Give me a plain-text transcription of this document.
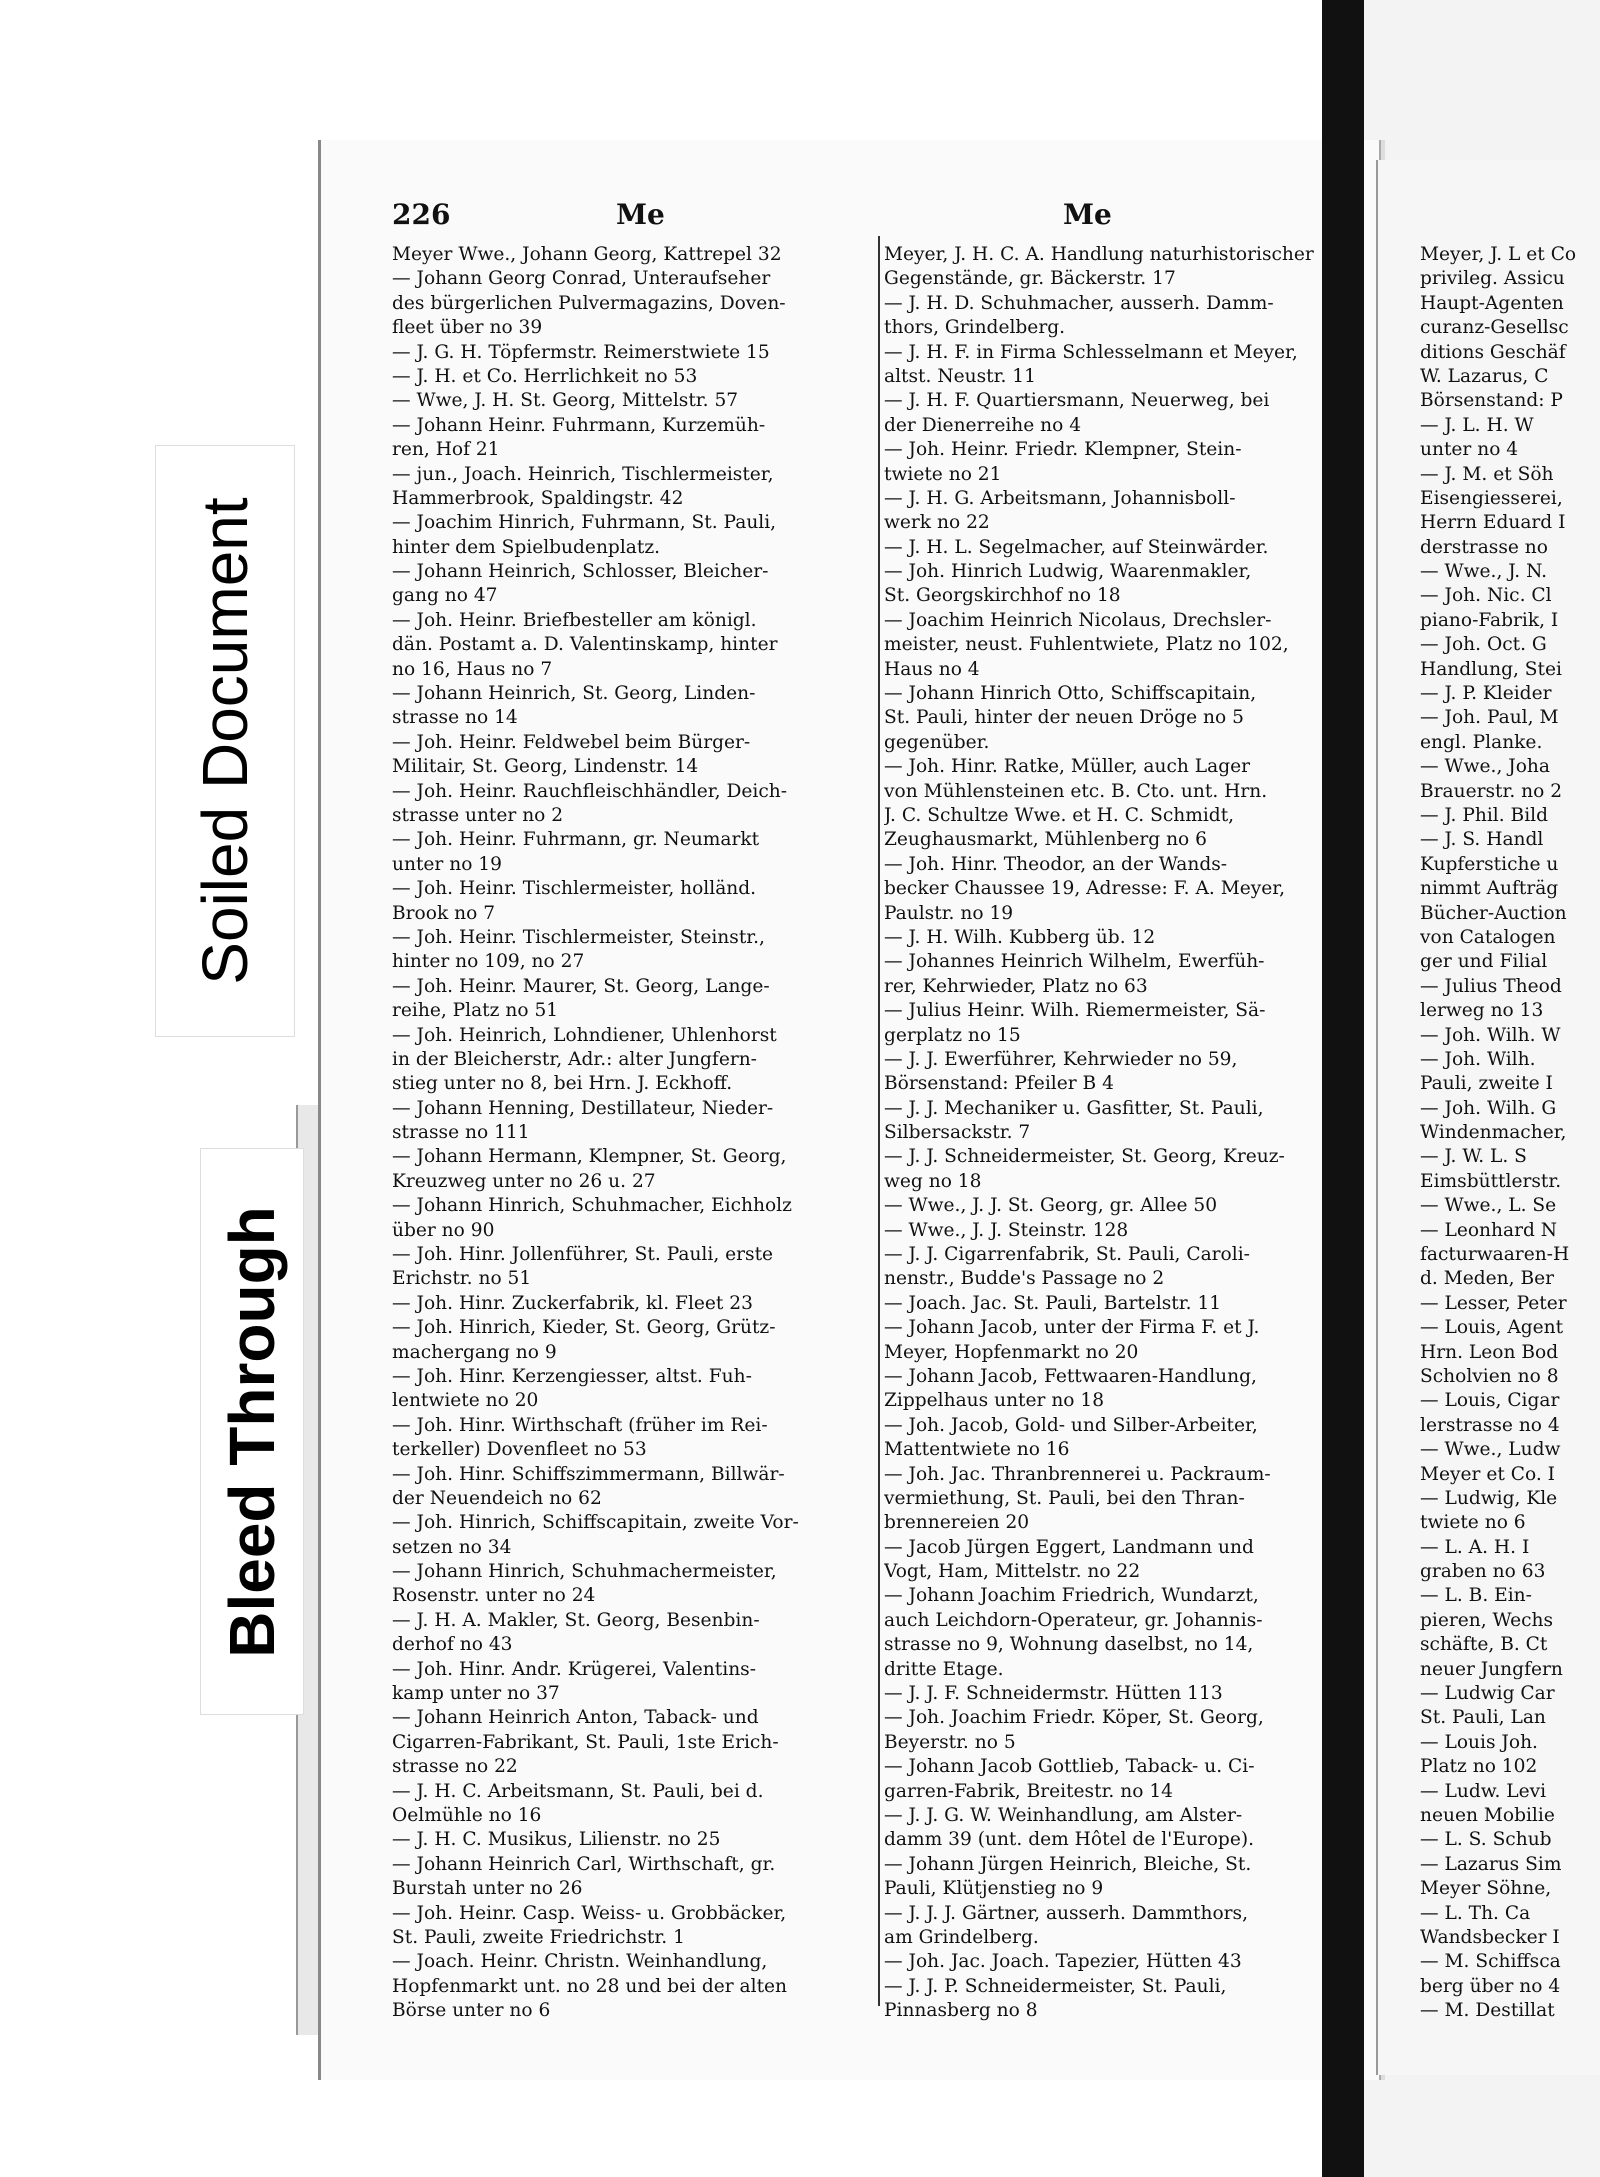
Soiled Document
Bleed Through
226	Me	Me
Meyer Wwe., Johann Georg, Kattrepel 32
— Johann Georg Conrad, Unteraufseher
des bürgerlichen Pulvermagazins, Doven-
fleet über no 39
— J. G. H. Töpfermstr. Reimerstwiete 15
— J. H. et Co. Herrlichkeit no 53
— Wwe, J. H. St. Georg, Mittelstr. 57
— Johann Heinr. Fuhrmann, Kurzemüh-
ren, Hof 21
— jun., Joach. Heinrich, Tischlermeister,
Hammerbrook, Spaldingstr. 42
— Joachim Hinrich, Fuhrmann, St. Pauli,
hinter dem Spielbudenplatz.
— Johann Heinrich, Schlosser, Bleicher-
gang no 47
— Joh. Heinr. Briefbesteller am königl.
dän. Postamt a. D. Valentinskamp, hinter
no 16, Haus no 7
— Johann Heinrich, St. Georg, Linden-
strasse no 14
— Joh. Heinr. Feldwebel beim Bürger-
Militair, St. Georg, Lindenstr. 14
— Joh. Heinr. Rauchfleischhändler, Deich-
strasse unter no 2
— Joh. Heinr. Fuhrmann, gr. Neumarkt
unter no 19
— Joh. Heinr. Tischlermeister, holländ.
Brook no 7
— Joh. Heinr. Tischlermeister, Steinstr.,
hinter no 109, no 27
— Joh. Heinr. Maurer, St. Georg, Lange-
reihe, Platz no 51
— Joh. Heinrich, Lohndiener, Uhlenhorst
in der Bleicherstr, Adr.: alter Jungfern-
stieg unter no 8, bei Hrn. J. Eckhoff.
— Johann Henning, Destillateur, Nieder-
strasse no 111
— Johann Hermann, Klempner, St. Georg,
Kreuzweg unter no 26 u. 27
— Johann Hinrich, Schuhmacher, Eichholz
über no 90
— Joh. Hinr. Jollenführer, St. Pauli, erste
Erichstr. no 51
— Joh. Hinr. Zuckerfabrik, kl. Fleet 23
— Joh. Hinrich, Kieder, St. Georg, Grütz-
machergang no 9
— Joh. Hinr. Kerzengiesser, altst. Fuh-
lentwiete no 20
— Joh. Hinr. Wirthschaft (früher im Rei-
terkeller) Dovenfleet no 53
— Joh. Hinr. Schiffszimmermann, Billwär-
der Neuendeich no 62
— Joh. Hinrich, Schiffscapitain, zweite Vor-
setzen no 34
— Johann Hinrich, Schuhmachermeister,
Rosenstr. unter no 24
— J. H. A. Makler, St. Georg, Besenbin-
derhof no 43
— Joh. Hinr. Andr. Krügerei, Valentins-
kamp unter no 37
— Johann Heinrich Anton, Taback- und
Cigarren-Fabrikant, St. Pauli, 1ste Erich-
strasse no 22
— J. H. C. Arbeitsmann, St. Pauli, bei d.
Oelmühle no 16
— J. H. C. Musikus, Lilienstr. no 25
— Johann Heinrich Carl, Wirthschaft, gr.
Burstah unter no 26
— Joh. Heinr. Casp. Weiss- u. Grobbäcker,
St. Pauli, zweite Friedrichstr. 1
— Joach. Heinr. Christn. Weinhandlung,
Hopfenmarkt unt. no 28 und bei der alten
Börse unter no 6
Meyer, J. H. C. A. Handlung naturhistorischer
Gegenstände, gr. Bäckerstr. 17
— J. H. D. Schuhmacher, ausserh. Damm-
thors, Grindelberg.
— J. H. F. in Firma Schlesselmann et Meyer,
altst. Neustr. 11
— J. H. F. Quartiersmann, Neuerweg, bei
der Dienerreihe no 4
— Joh. Heinr. Friedr. Klempner, Stein-
twiete no 21
— J. H. G. Arbeitsmann, Johannisboll-
werk no 22
— J. H. L. Segelmacher, auf Steinwärder.
— Joh. Hinrich Ludwig, Waarenmakler,
St. Georgskirchhof no 18
— Joachim Heinrich Nicolaus, Drechsler-
meister, neust. Fuhlentwiete, Platz no 102,
Haus no 4
— Johann Hinrich Otto, Schiffscapitain,
St. Pauli, hinter der neuen Dröge no 5
gegenüber.
— Joh. Hinr. Ratke, Müller, auch Lager
von Mühlensteinen etc. B. Cto. unt. Hrn.
J. C. Schultze Wwe. et H. C. Schmidt,
Zeughausmarkt, Mühlenberg no 6
— Joh. Hinr. Theodor, an der Wands-
becker Chaussee 19, Adresse: F. A. Meyer,
Paulstr. no 19
— J. H. Wilh. Kubberg üb. 12
— Johannes Heinrich Wilhelm, Ewerfüh-
rer, Kehrwieder, Platz no 63
— Julius Heinr. Wilh. Riemermeister, Sä-
gerplatz no 15
— J. J. Ewerführer, Kehrwieder no 59,
Börsenstand: Pfeiler B 4
— J. J. Mechaniker u. Gasfitter, St. Pauli,
Silbersackstr. 7
— J. J. Schneidermeister, St. Georg, Kreuz-
weg no 18
— Wwe., J. J. St. Georg, gr. Allee 50
— Wwe., J. J. Steinstr. 128
— J. J. Cigarrenfabrik, St. Pauli, Caroli-
nenstr., Budde's Passage no 2
— Joach. Jac. St. Pauli, Bartelstr. 11
— Johann Jacob, unter der Firma F. et J.
Meyer, Hopfenmarkt no 20
— Johann Jacob, Fettwaaren-Handlung,
Zippelhaus unter no 18
— Joh. Jacob, Gold- und Silber-Arbeiter,
Mattentwiete no 16
— Joh. Jac. Thranbrennerei u. Packraum-
vermiethung, St. Pauli, bei den Thran-
brennereien 20
— Jacob Jürgen Eggert, Landmann und
Vogt, Ham, Mittelstr. no 22
— Johann Joachim Friedrich, Wundarzt,
auch Leichdorn-Operateur, gr. Johannis-
strasse no 9, Wohnung daselbst, no 14,
dritte Etage.
— J. J. F. Schneidermstr. Hütten 113
— Joh. Joachim Friedr. Köper, St. Georg,
Beyerstr. no 5
— Johann Jacob Gottlieb, Taback- u. Ci-
garren-Fabrik, Breitestr. no 14
— J. J. G. W. Weinhandlung, am Alster-
damm 39 (unt. dem Hôtel de l'Europe).
— Johann Jürgen Heinrich, Bleiche, St.
Pauli, Klütjenstieg no 9
— J. J. J. Gärtner, ausserh. Dammthors,
am Grindelberg.
— Joh. Jac. Joach. Tapezier, Hütten 43
— J. J. P. Schneidermeister, St. Pauli,
Pinnasberg no 8
Meyer, J. L et Co
privileg. Assicu
Haupt-Agenten
curanz-Gesellsc
ditions Geschäf
W. Lazarus, C
Börsenstand: P
— J. L. H. W
unter no 4
— J. M. et Söh
Eisengiesserei,
Herrn Eduard I
derstrasse no
— Wwe., J. N.
— Joh. Nic. Cl
piano-Fabrik, I
— Joh. Oct. G
Handlung, Stei
— J. P. Kleider
— Joh. Paul, M
engl. Planke.
— Wwe., Joha
Brauerstr. no 2
— J. Phil. Bild
— J. S. Handl
Kupferstiche u
nimmt Aufträg
Bücher-Auction
von Catalogen
ger und Filial
— Julius Theod
lerweg no 13
— Joh. Wilh. W
— Joh. Wilh.
Pauli, zweite I
— Joh. Wilh. G
Windenmacher,
— J. W. L. S
Eimsbüttlerstr.
— Wwe., L. Se
— Leonhard N
facturwaaren-H
d. Meden, Ber
— Lesser, Peter
— Louis, Agent
Hrn. Leon Bod
Scholvien no 8
— Louis, Cigar
lerstrasse no 4
— Wwe., Ludw
Meyer et Co. I
— Ludwig, Kle
twiete no 6
— L. A. H. I
graben no 63
— L. B. Ein-
pieren, Wechs
schäfte, B. Ct
neuer Jungfern
— Ludwig Car
St. Pauli, Lan
— Louis Joh.
Platz no 102
— Ludw. Levi
neuen Mobilie
— L. S. Schub
— Lazarus Sim
Meyer Söhne,
— L. Th. Ca
Wandsbecker I
— M. Schiffsca
berg über no 4
— M. Destillat
